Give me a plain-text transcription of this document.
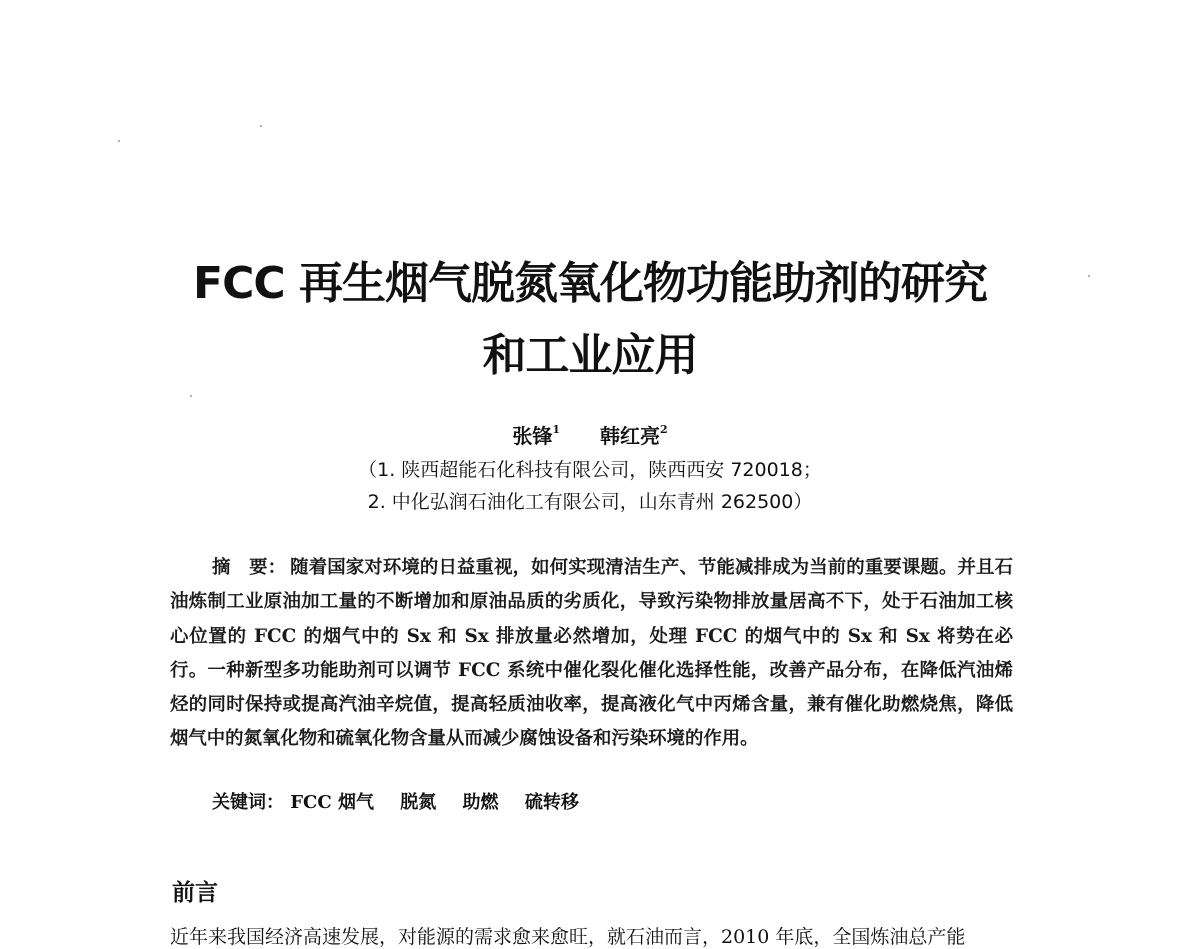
FCC 再生烟气脱氮氧化物功能助剂的研究
和工业应用
张锋$^1$ 韩红亮$^2$
（1. 陕西超能石化科技有限公司，陕西西安 720018；
2. 中化弘润石油化工有限公司，山东青州 262500）
摘　要： 随着国家对环境的日益重视，如何实现清洁生产、节能减排成为当前的重要课题。并且石油炼制工业原油加工量的不断增加和原油品质的劣质化，导致污染物排放量居高不下，处于石油加工核心位置的 FCC 的烟气中的 Sx 和 Sx 排放量必然增加，处理 FCC 的烟气中的 Sx 和 Sx 将势在必行。一种新型多功能助剂可以调节 FCC 系统中催化裂化催化选择性能，改善产品分布，在降低汽油烯烃的同时保持或提高汽油辛烷值，提高轻质油收率，提高液化气中丙烯含量，兼有催化助燃烧焦，降低烟气中的氮氧化物和硫氧化物含量从而减少腐蚀设备和污染环境的作用。
关键词： FCC 烟气 脱氮 助燃 硫转移
前言
近年来我国经济高速发展，对能源的需求愈来愈旺，就石油而言，2010 年底，全国炼油总产能
